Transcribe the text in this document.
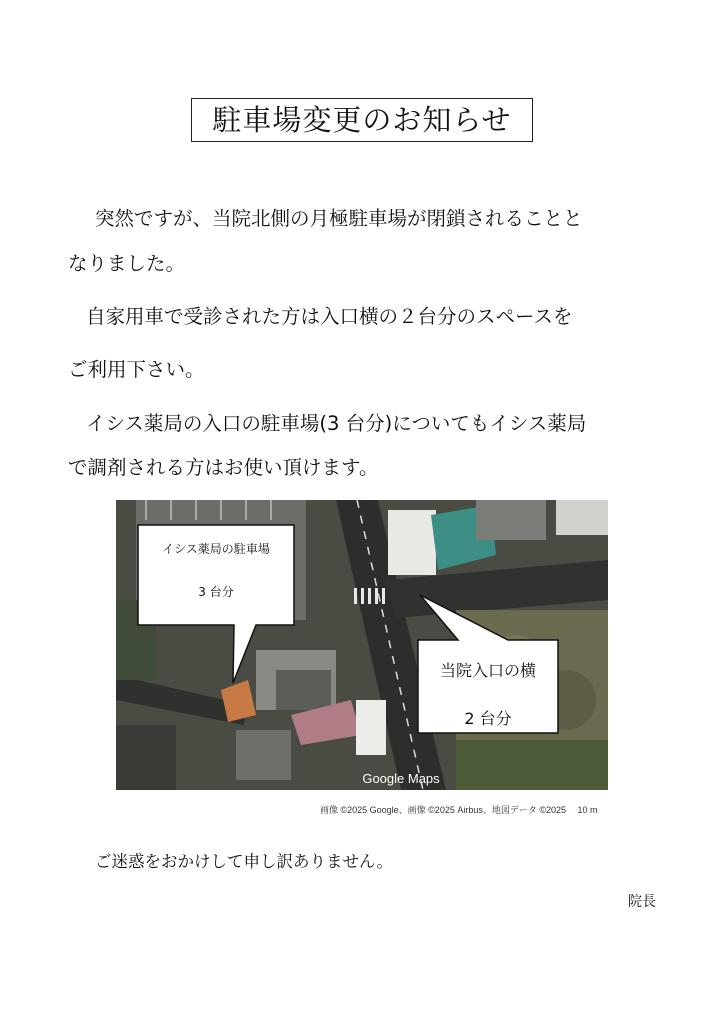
駐車場変更のお知らせ
突然ですが、当院北側の月極駐車場が閉鎖されることと
なりました。
自家用車で受診された方は入口横の２台分のスペースを
ご利用下さい。
イシス薬局の入口の駐車場(3 台分)についてもイシス薬局
で調剤される方はお使い頂けます。
イシス薬局の駐車場
3 台分
当院入口の横
2 台分
Google Maps
画像 ©2025 Google、画像 ©2025 Airbus、地図データ ©2025　 10 m
ご迷惑をおかけして申し訳ありません。
院長
